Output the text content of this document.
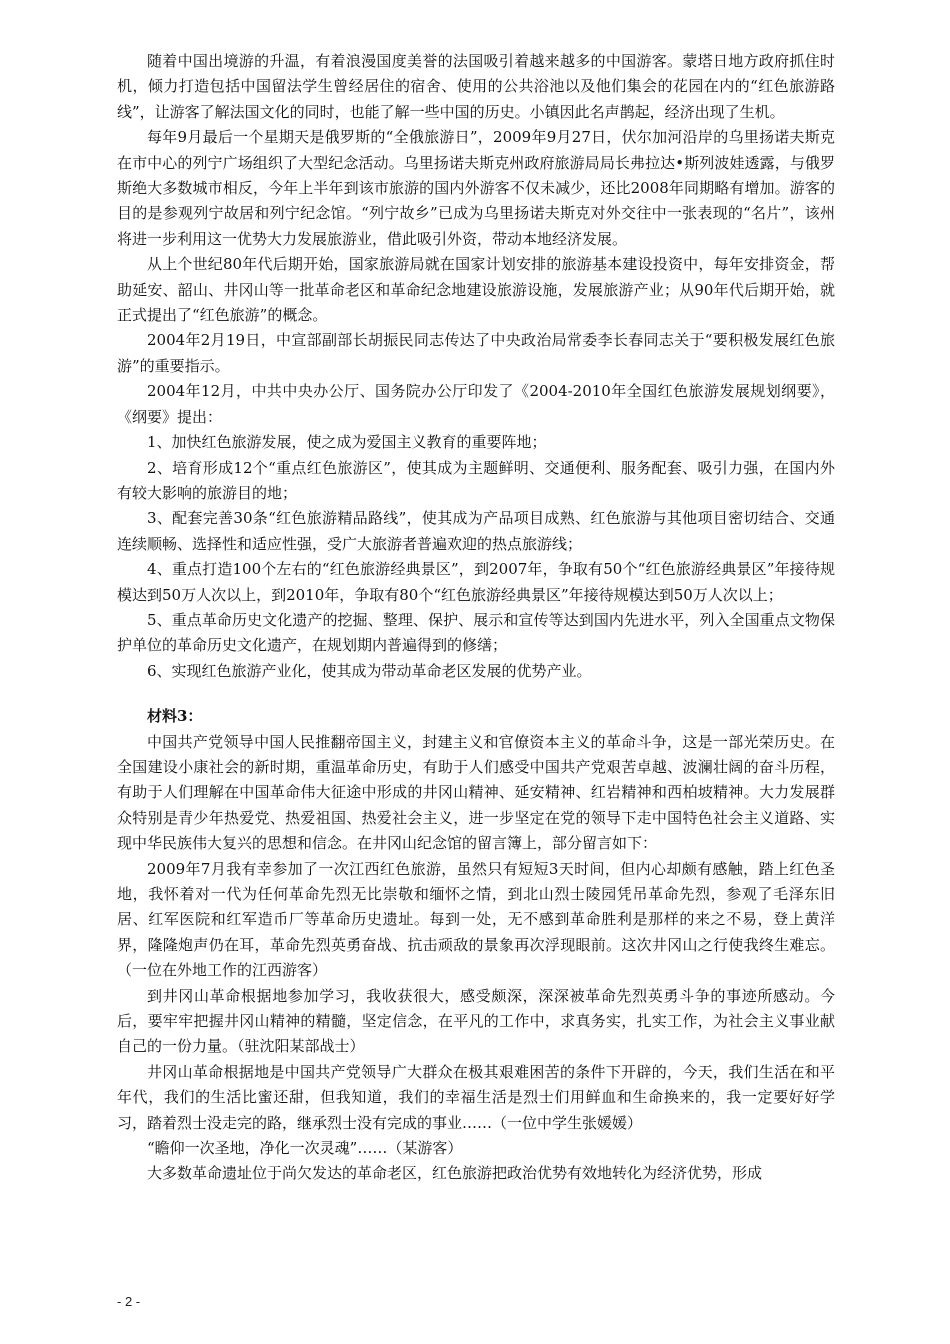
随着中国出境游的升温，有着浪漫国度美誉的法国吸引着越来越多的中国游客。蒙塔日地方政府抓住时机，倾力打造包括中国留法学生曾经居住的宿舍、使用的公共浴池以及他们集会的花园在内的“红色旅游路线”，让游客了解法国文化的同时，也能了解一些中国的历史。小镇因此名声鹊起，经济出现了生机。

每年9月最后一个星期天是俄罗斯的“全俄旅游日”，2009年9月27日，伏尔加河沿岸的乌里扬诺夫斯克在市中心的列宁广场组织了大型纪念活动。乌里扬诺夫斯克州政府旅游局局长弗拉达•斯列波娃透露，与俄罗斯绝大多数城市相反，今年上半年到该市旅游的国内外游客不仅未减少，还比2008年同期略有增加。游客的目的是参观列宁故居和列宁纪念馆。“列宁故乡”已成为乌里扬诺夫斯克对外交往中一张表现的“名片”，该州将进一步利用这一优势大力发展旅游业，借此吸引外资，带动本地经济发展。

从上个世纪80年代后期开始，国家旅游局就在国家计划安排的旅游基本建设投资中，每年安排资金，帮助延安、韶山、井冈山等一批革命老区和革命纪念地建设旅游设施，发展旅游产业；从90年代后期开始，就正式提出了“红色旅游”的概念。

2004年2月19日，中宣部副部长胡振民同志传达了中央政治局常委李长春同志关于“要积极发展红色旅游”的重要指示。

2004年12月，中共中央办公厅、国务院办公厅印发了《2004-2010年全国红色旅游发展规划纲要》，《纲要》提出：

1、加快红色旅游发展，使之成为爱国主义教育的重要阵地；

2、培育形成12个“重点红色旅游区”，使其成为主题鲜明、交通便利、服务配套、吸引力强，在国内外有较大影响的旅游目的地；

3、配套完善30条“红色旅游精品路线”，使其成为产品项目成熟、红色旅游与其他项目密切结合、交通连续顺畅、选择性和适应性强，受广大旅游者普遍欢迎的热点旅游线；

4、重点打造100个左右的“红色旅游经典景区”，到2007年，争取有50个“红色旅游经典景区”年接待规模达到50万人次以上，到2010年，争取有80个“红色旅游经典景区”年接待规模达到50万人次以上；

5、重点革命历史文化遗产的挖掘、整理、保护、展示和宣传等达到国内先进水平，列入全国重点文物保护单位的革命历史文化遗产，在规划期内普遍得到的修缮；

6、实现红色旅游产业化，使其成为带动革命老区发展的优势产业。

材料3：

中国共产党领导中国人民推翻帝国主义，封建主义和官僚资本主义的革命斗争，这是一部光荣历史。在全国建设小康社会的新时期，重温革命历史，有助于人们感受中国共产党艰苦卓越、波澜壮阔的奋斗历程，有助于人们理解在中国革命伟大征途中形成的井冈山精神、延安精神、红岩精神和西柏坡精神。大力发展群众特别是青少年热爱党、热爱祖国、热爱社会主义，进一步坚定在党的领导下走中国特色社会主义道路、实现中华民族伟大复兴的思想和信念。在井冈山纪念馆的留言簿上，部分留言如下：

2009年7月我有幸参加了一次江西红色旅游，虽然只有短短3天时间，但内心却颇有感触，踏上红色圣地，我怀着对一代为任何革命先烈无比崇敬和缅怀之情，到北山烈士陵园凭吊革命先烈，参观了毛泽东旧居、红军医院和红军造币厂等革命历史遗址。每到一处，无不感到革命胜利是那样的来之不易，登上黄洋界，隆隆炮声仍在耳，革命先烈英勇奋战、抗击顽敌的景象再次浮现眼前。这次井冈山之行使我终生难忘。（一位在外地工作的江西游客）

到井冈山革命根据地参加学习，我收获很大，感受颇深，深深被革命先烈英勇斗争的事迹所感动。今后，要牢牢把握井冈山精神的精髓，坚定信念，在平凡的工作中，求真务实，扎实工作，为社会主义事业献自己的一份力量。（驻沈阳某部战士）

井冈山革命根据地是中国共产党领导广大群众在极其艰难困苦的条件下开辟的，今天，我们生活在和平年代，我们的生活比蜜还甜，但我知道，我们的幸福生活是烈士们用鲜血和生命换来的，我一定要好好学习，踏着烈士没走完的路，继承烈士没有完成的事业……（一位中学生张媛媛）

“瞻仰一次圣地，净化一次灵魂”……（某游客）

大多数革命遗址位于尚欠发达的革命老区，红色旅游把政治优势有效地转化为经济优势，形成

- 2 -
